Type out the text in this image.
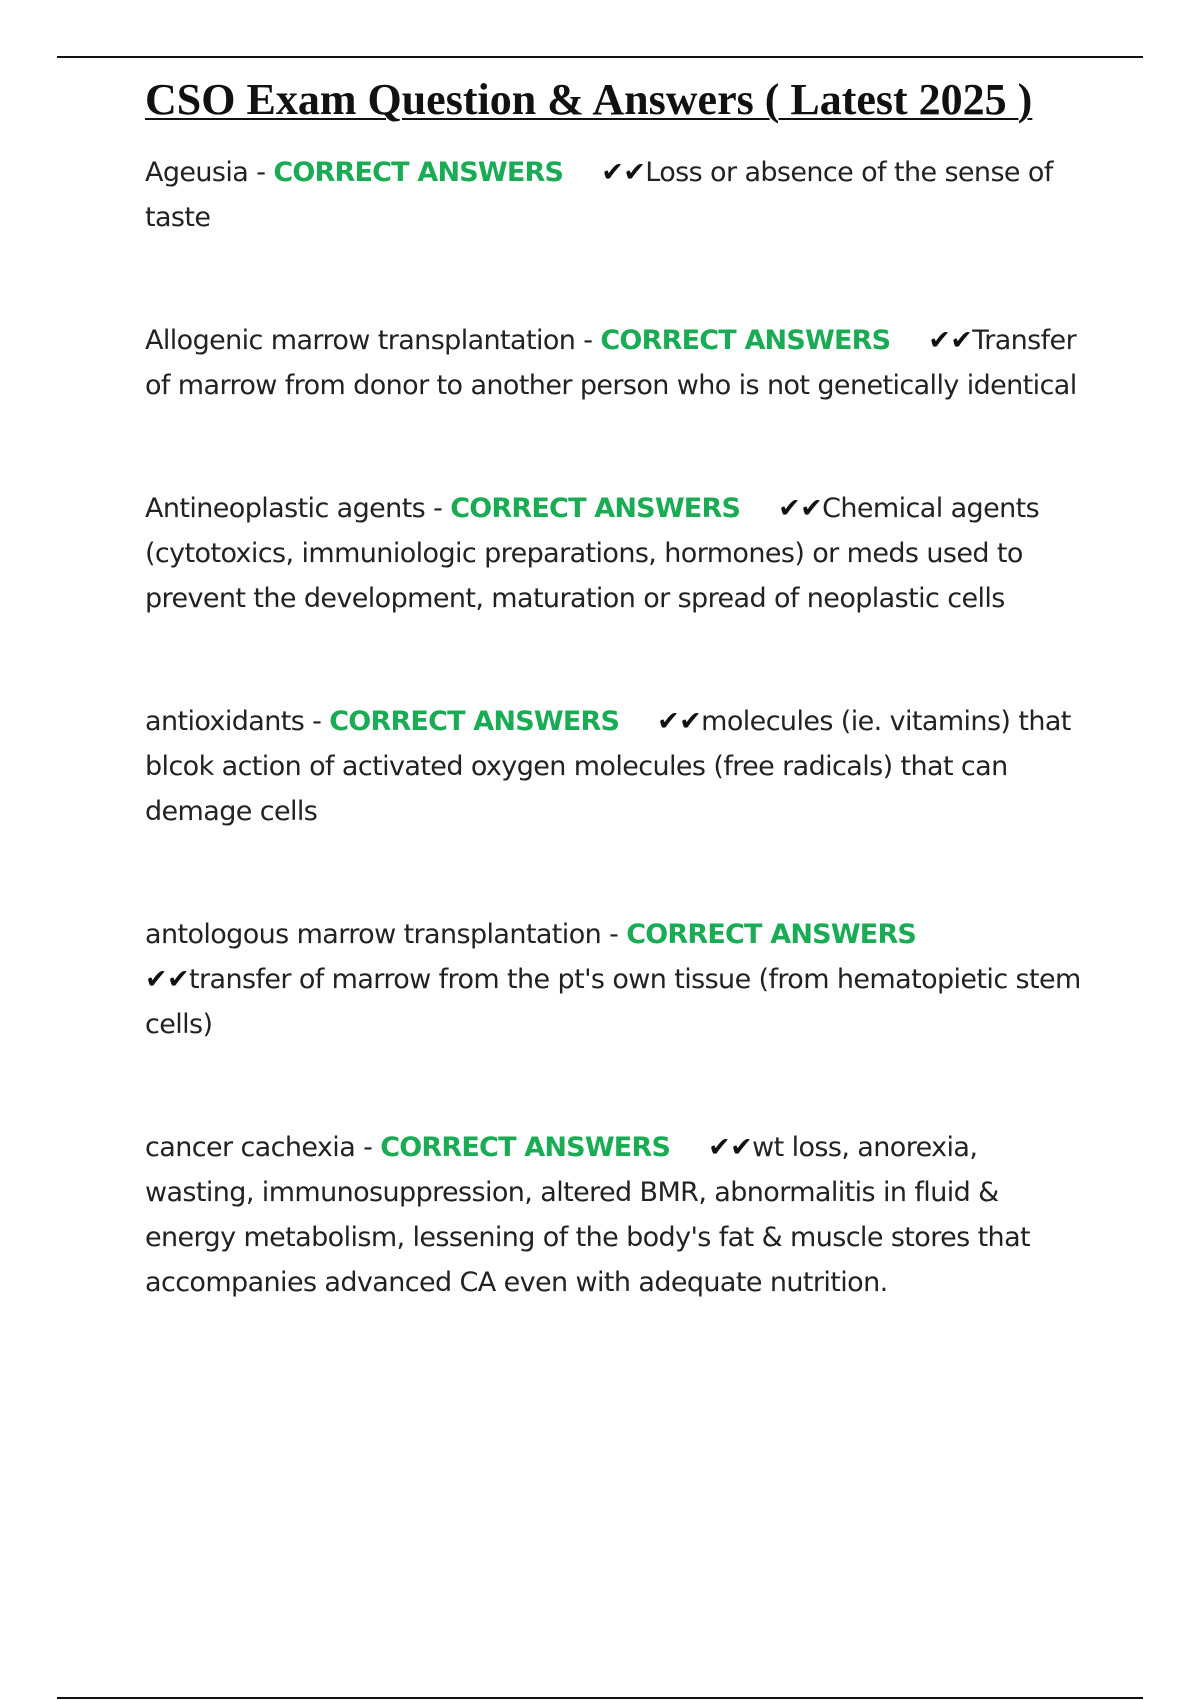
CSO Exam Question & Answers ( Latest 2025 )

Ageusia - CORRECT ANSWERS ✔✔Loss or absence of the sense of taste

Allogenic marrow transplantation - CORRECT ANSWERS ✔✔Transfer of marrow from donor to another person who is not genetically identical

Antineoplastic agents - CORRECT ANSWERS ✔✔Chemical agents (cytotoxics, immuniologic preparations, hormones) or meds used to prevent the development, maturation or spread of neoplastic cells

antioxidants - CORRECT ANSWERS ✔✔molecules (ie. vitamins) that blcok action of activated oxygen molecules (free radicals) that can demage cells

antologous marrow transplantation - CORRECT ANSWERS
✔✔transfer of marrow from the pt's own tissue (from hematopietic stem cells)

cancer cachexia - CORRECT ANSWERS ✔✔wt loss, anorexia, wasting, immunosuppression, altered BMR, abnormalitis in fluid & energy metabolism, lessening of the body's fat & muscle stores that accompanies advanced CA even with adequate nutrition.
